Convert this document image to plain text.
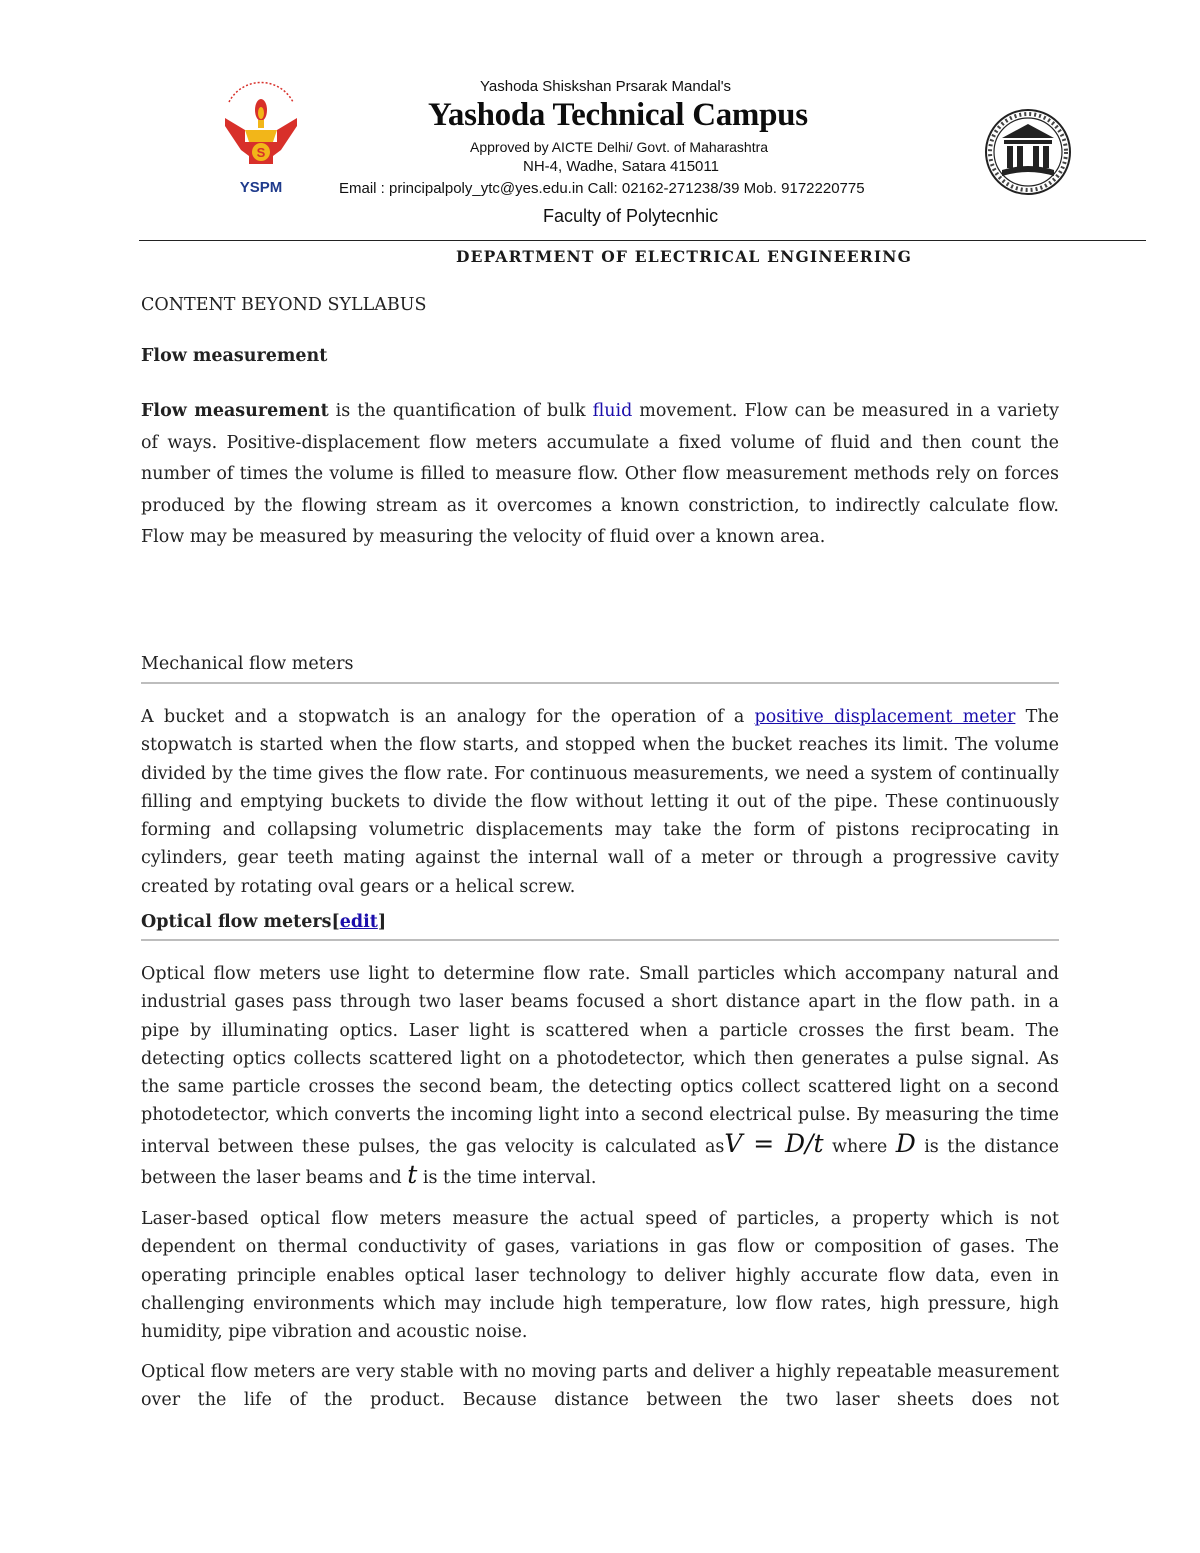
S
YSPM
Yashoda Shiskshan Prsarak Mandal's
Yashoda Technical Campus
Approved by AICTE Delhi/ Govt. of Maharashtra
NH-4, Wadhe, Satara 415011
Email : principalpoly_ytc@yes.edu.in Call: 02162-271238/39 Mob. 9172220775
Faculty of Polytecnhic
DEPARTMENT OF ELECTRICAL ENGINEERING
CONTENT BEYOND SYLLABUS
Flow measurement
Flow measurement is the quantification of bulk fluid movement. Flow can be measured in a variety of ways. Positive-displacement flow meters accumulate a fixed volume of fluid and then count the number of times the volume is filled to measure flow. Other flow measurement methods rely on forces produced by the flowing stream as it overcomes a known constriction, to indirectly calculate flow. Flow may be measured by measuring the velocity of fluid over a known area.
Mechanical flow meters
A bucket and a stopwatch is an analogy for the operation of a positive displacement meter The stopwatch is started when the flow starts, and stopped when the bucket reaches its limit. The volume divided by the time gives the flow rate. For continuous measurements, we need a system of continually filling and emptying buckets to divide the flow without letting it out of the pipe. These continuously forming and collapsing volumetric displacements may take the form of pistons reciprocating in cylinders, gear teeth mating against the internal wall of a meter or through a progressive cavity created by rotating oval gears or a helical screw.
Optical flow meters[edit]
Optical flow meters use light to determine flow rate. Small particles which accompany natural and industrial gases pass through two laser beams focused a short distance apart in the flow path. in a pipe by illuminating optics. Laser light is scattered when a particle crosses the first beam. The detecting optics collects scattered light on a photodetector, which then generates a pulse signal. As the same particle crosses the second beam, the detecting optics collect scattered light on a second photodetector, which converts the incoming light into a second electrical pulse. By measuring the time interval between these pulses, the gas velocity is calculated asV = D/t where D is the distance between the laser beams and t is the time interval.
Laser-based optical flow meters measure the actual speed of particles, a property which is not dependent on thermal conductivity of gases, variations in gas flow or composition of gases. The operating principle enables optical laser technology to deliver highly accurate flow data, even in challenging environments which may include high temperature, low flow rates, high pressure, high humidity, pipe vibration and acoustic noise.
Optical flow meters are very stable with no moving parts and deliver a highly repeatable measurement over the life of the product. Because distance between the two laser sheets does not
